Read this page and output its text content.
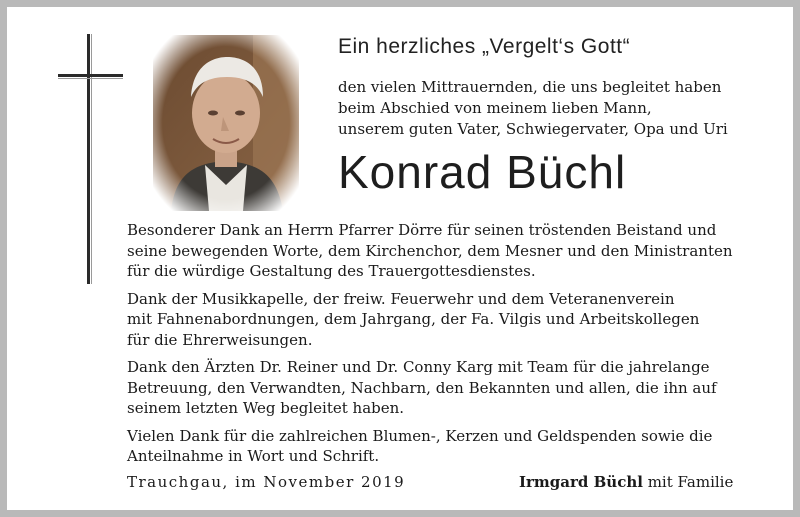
Ein herzliches „Vergelt‘s Gott“
den vielen Mittrauernden, die uns begleitet haben
beim Abschied von meinem lieben Mann,
unserem guten Vater, Schwiegervater, Opa und Uri
Konrad Büchl
Besonderer Dank an Herrn Pfarrer Dörre für seinen tröstenden Beistand und
seine bewegenden Worte, dem Kirchenchor, dem Mesner und den Ministranten
für die würdige Gestaltung des Trauergottesdienstes.
Dank der Musikkapelle, der freiw. Feuerwehr und dem Veteranenverein
mit Fahnenabordnungen, dem Jahrgang, der Fa. Vilgis und Arbeitskollegen
für die Ehrerweisungen.
Dank den Ärzten Dr. Reiner und Dr. Conny Karg mit Team für die jahrelange
Betreuung, den Verwandten, Nachbarn, den Bekannten und allen, die ihn auf
seinem letzten Weg begleitet haben.
Vielen Dank für die zahlreichen Blumen-, Kerzen und Geldspenden sowie die
Anteilnahme in Wort und Schrift.
Trauchgau, im November 2019	Irmgard Büchl mit Familie
